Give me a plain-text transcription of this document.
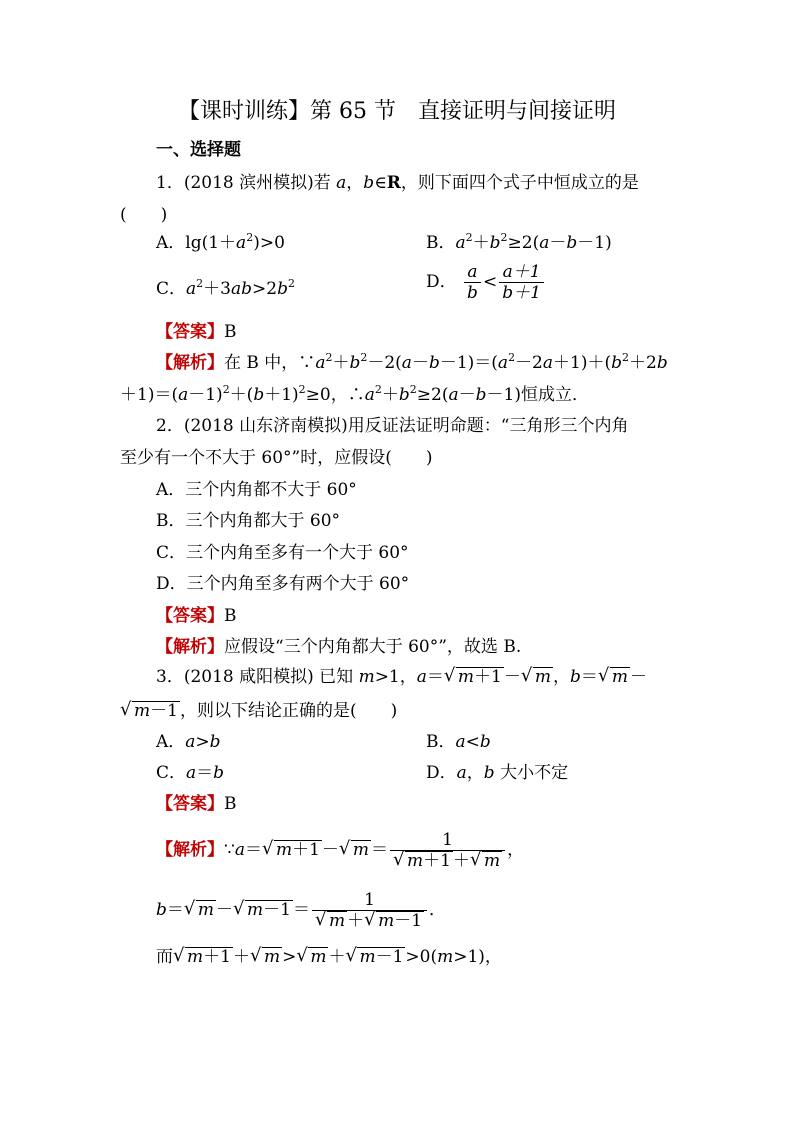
【课时训练】第 65 节　直接证明与间接证明
一、选择题
1．(2018 滨州模拟)若 a，b∈R，则下面四个式子中恒成立的是
(　　)
A．$\lg(1+a^2)>0$	B．$a^2+b^2\ge 2(a-b-1)$
C．$a^2+3ab>2b^2$	D． $\frac{a}{b} < \frac{a+1}{b+1}$
【答案】B
【解析】在 B 中，$\because a^2+b^2-2(a-b-1)=(a^2-2a+1)+(b^2+2b$
$+1)=(a-1)^2+(b+1)^2\ge 0$，$\therefore a^2+b^2\ge 2(a-b-1)$恒成立．
2．(2018 山东济南模拟)用反证法证明命题：“三角形三个内角
至少有一个不大于 60°”时，应假设(　　)
A．三个内角都不大于 60°
B．三个内角都大于 60°
C．三个内角至多有一个大于 60°
D．三个内角至多有两个大于 60°
【答案】B
【解析】应假设“三个内角都大于 60°”，故选 B.
3．(2018 咸阳模拟) 已知 m>1，a＝ √ m＋1 － √ m ，b＝ √ m －
√ m－1 ，则以下结论正确的是(　　)
A．a>b	B．a<b
C．a＝b	D．a，b 大小不定
【答案】B
【解析】∵a＝ √ m＋1 － √ $m = \frac{1}{√ m+1 + √ m}$ ，
b＝ √ m － √ $m-1 = \frac{1}{√ m + √ m-1}$ ．
而 √ m＋1 ＋ √ m > √ m ＋ √ m－1 >0(m>1)，
